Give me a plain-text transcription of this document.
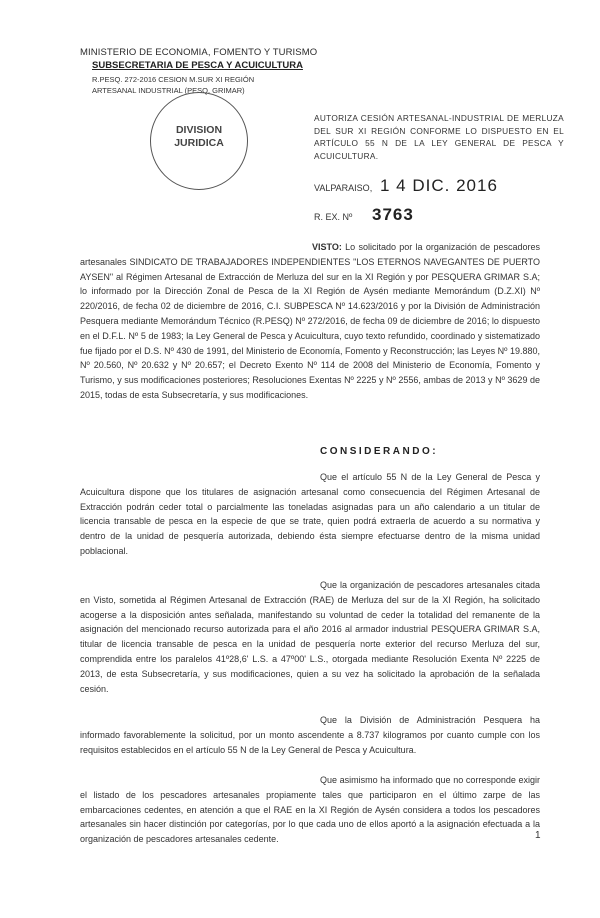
MINISTERIO DE ECONOMIA, FOMENTO Y TURISMO
SUBSECRETARIA DE PESCA Y ACUICULTURA
R.PESQ. 272-2016 CESION M.SUR XI REGIÓN
ARTESANAL INDUSTRIAL (PESQ. GRIMAR)
DIVISION
JURIDICA
AUTORIZA CESIÓN ARTESANAL-INDUSTRIAL DE MERLUZA DEL SUR XI REGIÓN CONFORME LO DISPUESTO EN EL ARTÍCULO 55 N DE LA LEY GENERAL DE PESCA Y ACUICULTURA.
VALPARAISO, 1 4 DIC. 2016
R. EX. Nº 3763
VISTO: Lo solicitado por la organización de pescadores artesanales SINDICATO DE TRABAJADORES INDEPENDIENTES "LOS ETERNOS NAVEGANTES DE PUERTO AYSEN" al Régimen Artesanal de Extracción de Merluza del sur en la XI Región y por PESQUERA GRIMAR S.A; lo informado por la Dirección Zonal de Pesca de la XI Región de Aysén mediante Memorándum (D.Z.XI) Nº 220/2016, de fecha 02 de diciembre de 2016, C.I. SUBPESCA Nº 14.623/2016 y por la División de Administración Pesquera mediante Memorándum Técnico (R.PESQ) Nº 272/2016, de fecha 09 de diciembre de 2016; lo dispuesto en el D.F.L. Nº 5 de 1983; la Ley General de Pesca y Acuicultura, cuyo texto refundido, coordinado y sistematizado fue fijado por el D.S. Nº 430 de 1991, del Ministerio de Economía, Fomento y Reconstrucción; las Leyes Nº 19.880, Nº 20.560, Nº 20.632 y Nº 20.657; el Decreto Exento Nº 114 de 2008 del Ministerio de Economía, Fomento y Turismo, y sus modificaciones posteriores; Resoluciones Exentas Nº 2225 y Nº 2556, ambas de 2013 y Nº 3629 de 2015, todas de esta Subsecretaría, y sus modificaciones.
CONSIDERANDO:
Que el artículo 55 N de la Ley General de Pesca y Acuicultura dispone que los titulares de asignación artesanal como consecuencia del Régimen Artesanal de Extracción podrán ceder total o parcialmente las toneladas asignadas para un año calendario a un titular de licencia transable de pesca en la especie de que se trate, quien podrá extraerla de acuerdo a su normativa y dentro de la unidad de pesquería autorizada, debiendo ésta siempre efectuarse dentro de la misma unidad poblacional.
Que la organización de pescadores artesanales citada en Visto, sometida al Régimen Artesanal de Extracción (RAE) de Merluza del sur de la XI Región, ha solicitado acogerse a la disposición antes señalada, manifestando su voluntad de ceder la totalidad del remanente de la asignación del mencionado recurso autorizada para el año 2016 al armador industrial PESQUERA GRIMAR S.A, titular de licencia transable de pesca en la unidad de pesquería norte exterior del recurso Merluza del sur, comprendida entre los paralelos 41º28,6' L.S. a 47º00' L.S., otorgada mediante Resolución Exenta Nº 2225 de 2013, de esta Subsecretaría, y sus modificaciones, quien a su vez ha solicitado la aprobación de la señalada cesión.
Que la División de Administración Pesquera ha informado favorablemente la solicitud, por un monto ascendente a 8.737 kilogramos por cuanto cumple con los requisitos establecidos en el artículo 55 N de la Ley General de Pesca y Acuicultura.
Que asimismo ha informado que no corresponde exigir el listado de los pescadores artesanales propiamente tales que participaron en el último zarpe de las embarcaciones cedentes, en atención a que el RAE en la XI Región de Aysén considera a todos los pescadores artesanales sin hacer distinción por categorías, por lo que cada uno de ellos aportó a la asignación efectuada a la organización de pescadores artesanales cedente.	1
